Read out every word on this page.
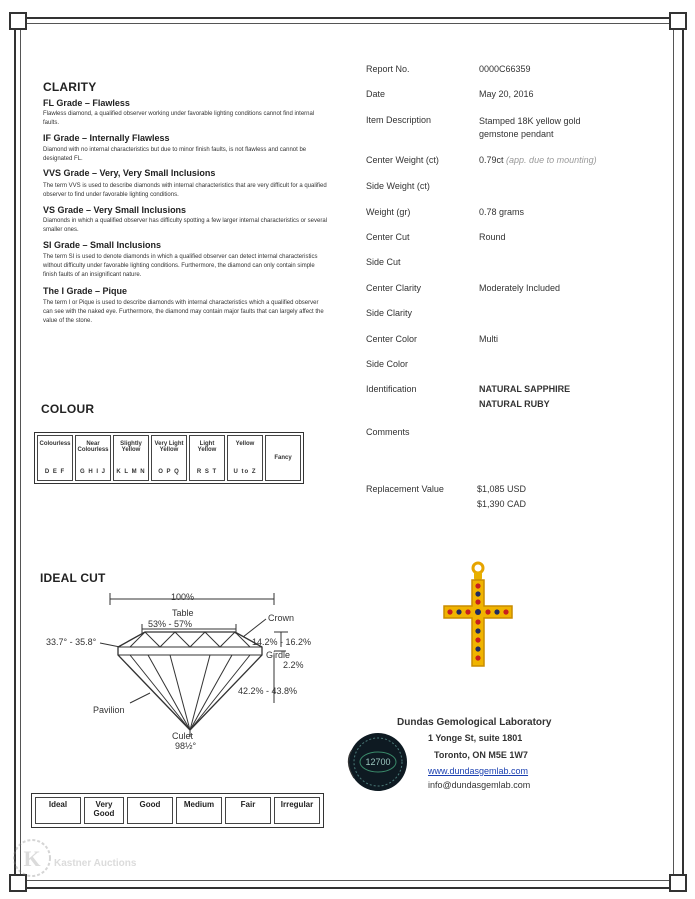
CLARITY
FL Grade – Flawless
Flawless diamond, a qualified observer working under favorable lighting conditions cannot find internal faults.
IF Grade – Internally Flawless
Diamond with no internal characteristics but due to minor finish faults, is not flawless and cannot be designated FL.
VVS Grade – Very, Very Small Inclusions
The term VVS is used to describe diamonds with internal characteristics that are very difficult for a qualified observer to find under favorable lighting conditions.
VS Grade – Very Small Inclusions
Diamonds in which a qualified observer has difficulty spotting a few larger internal characteristics or several smaller ones.
SI Grade – Small Inclusions
The term SI is used to denote diamonds in which a qualified observer can detect internal characteristics without difficulty under favorable lighting conditions. Furthermore, the diamond can only contain simple finish faults of an insignificant nature.
The I Grade – Pique
The term I or Pique is used to describe diamonds with internal characteristics which a qualified observer can see with the naked eye. Furthermore, the diamond may contain major faults that can largely affect the value of the stone.
COLOUR
Colourless
D E F

Near Colourless
G H I J

Slightly Yellow
K L M N

Very Light Yellow
O P Q

Light Yellow
R S T

Yellow
U to Z
	Fancy
IDEAL CUT
100%
Table
53% - 57%
Crown
33.7° - 35.8°	14.2% - 16.2%
Girdle
2.2%
42.2% - 43.8%
Pavilion
Culet
98½°
Ideal	Very Good	Good	Medium	Fair	Irregular
Report No.	0000C66359
Date	May 20, 2016
Item Description	Stamped 18K yellow gold gemstone pendant
Center Weight (ct)	0.79ct (app. due to mounting)
Side Weight (ct)
Weight (gr)	0.78 grams
Center Cut	Round
Side Cut
Center Clarity	Moderately Included
Side Clarity
Center Color	Multi
Side Color
Identification	NATURAL SAPPHIRE
NATURAL RUBY
Comments
Replacement Value	$1,085 USD
$1,390 CAD
Dundas Gemological Laboratory
1 Yonge St, suite 1801
Toronto, ON M5E 1W7
www.dundasgemlab.com
info@dundasgemlab.com
12700
K Kastner Auctions
